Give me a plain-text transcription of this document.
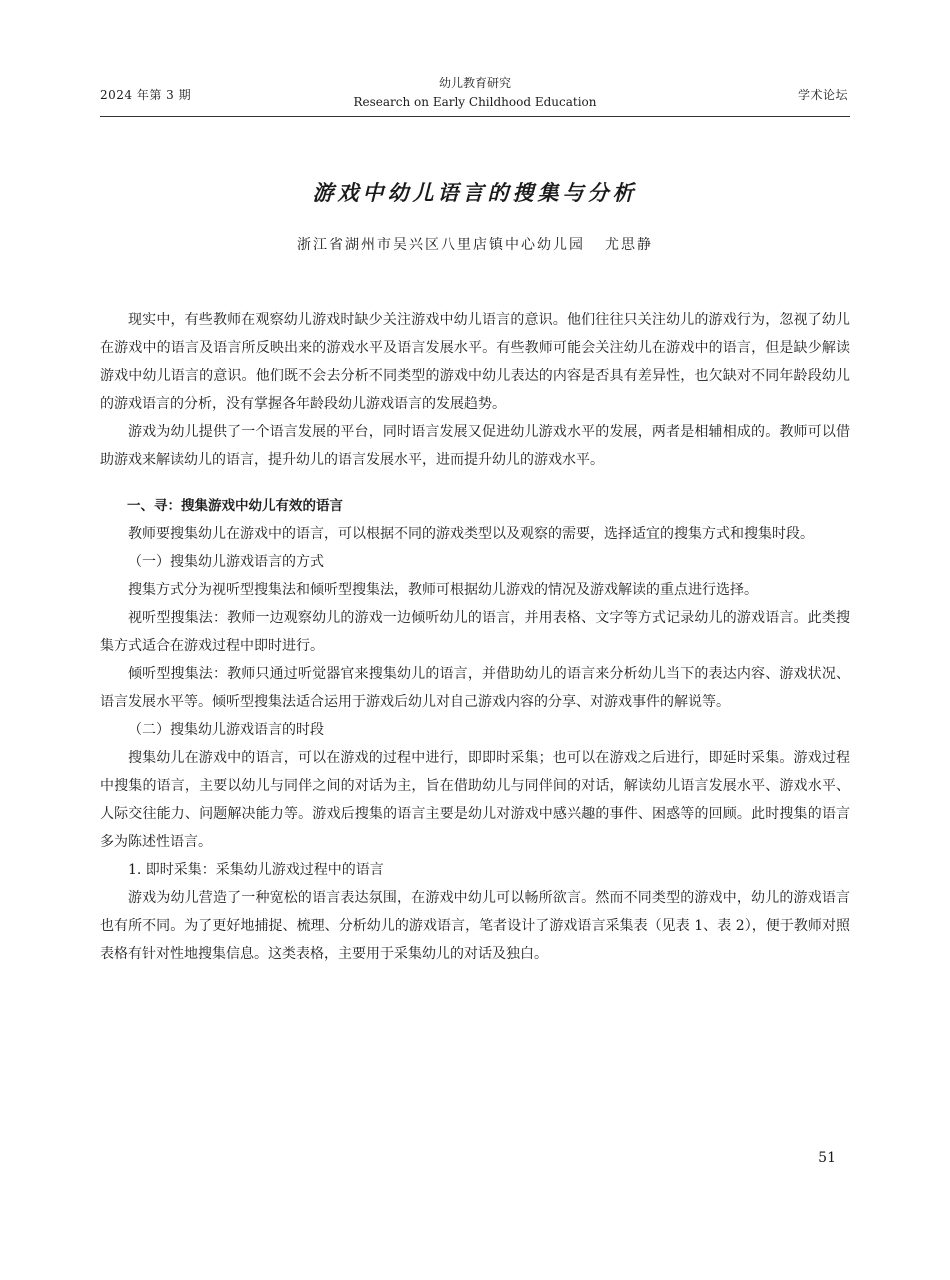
2024 年第 3 期
幼儿教育研究
Research on Early Childhood Education	学术论坛
游戏中幼儿语言的搜集与分析
浙江省湖州市吴兴区八里店镇中心幼儿园 尤思静

现实中，有些教师在观察幼儿游戏时缺少关注游戏中幼儿语言的意识。他们往往只关注幼儿的游戏行为，忽视了幼儿在游戏中的语言及语言所反映出来的游戏水平及语言发展水平。有些教师可能会关注幼儿在游戏中的语言，但是缺少解读游戏中幼儿语言的意识。他们既不会去分析不同类型的游戏中幼儿表达的内容是否具有差异性，也欠缺对不同年龄段幼儿的游戏语言的分析，没有掌握各年龄段幼儿游戏语言的发展趋势。

游戏为幼儿提供了一个语言发展的平台，同时语言发展又促进幼儿游戏水平的发展，两者是相辅相成的。教师可以借助游戏来解读幼儿的语言，提升幼儿的语言发展水平，进而提升幼儿的游戏水平。

一、寻：搜集游戏中幼儿有效的语言

教师要搜集幼儿在游戏中的语言，可以根据不同的游戏类型以及观察的需要，选择适宜的搜集方式和搜集时段。

（一）搜集幼儿游戏语言的方式

搜集方式分为视听型搜集法和倾听型搜集法，教师可根据幼儿游戏的情况及游戏解读的重点进行选择。

视听型搜集法：教师一边观察幼儿的游戏一边倾听幼儿的语言，并用表格、文字等方式记录幼儿的游戏语言。此类搜集方式适合在游戏过程中即时进行。

倾听型搜集法：教师只通过听觉器官来搜集幼儿的语言，并借助幼儿的语言来分析幼儿当下的表达内容、游戏状况、语言发展水平等。倾听型搜集法适合运用于游戏后幼儿对自己游戏内容的分享、对游戏事件的解说等。

（二）搜集幼儿游戏语言的时段

搜集幼儿在游戏中的语言，可以在游戏的过程中进行，即即时采集；也可以在游戏之后进行，即延时采集。游戏过程中搜集的语言，主要以幼儿与同伴之间的对话为主，旨在借助幼儿与同伴间的对话，解读幼儿语言发展水平、游戏水平、人际交往能力、问题解决能力等。游戏后搜集的语言主要是幼儿对游戏中感兴趣的事件、困惑等的回顾。此时搜集的语言多为陈述性语言。

1. 即时采集：采集幼儿游戏过程中的语言

游戏为幼儿营造了一种宽松的语言表达氛围，在游戏中幼儿可以畅所欲言。然而不同类型的游戏中，幼儿的游戏语言也有所不同。为了更好地捕捉、梳理、分析幼儿的游戏语言，笔者设计了游戏语言采集表（见表 1、表 2），便于教师对照表格有针对性地搜集信息。这类表格，主要用于采集幼儿的对话及独白。

51
